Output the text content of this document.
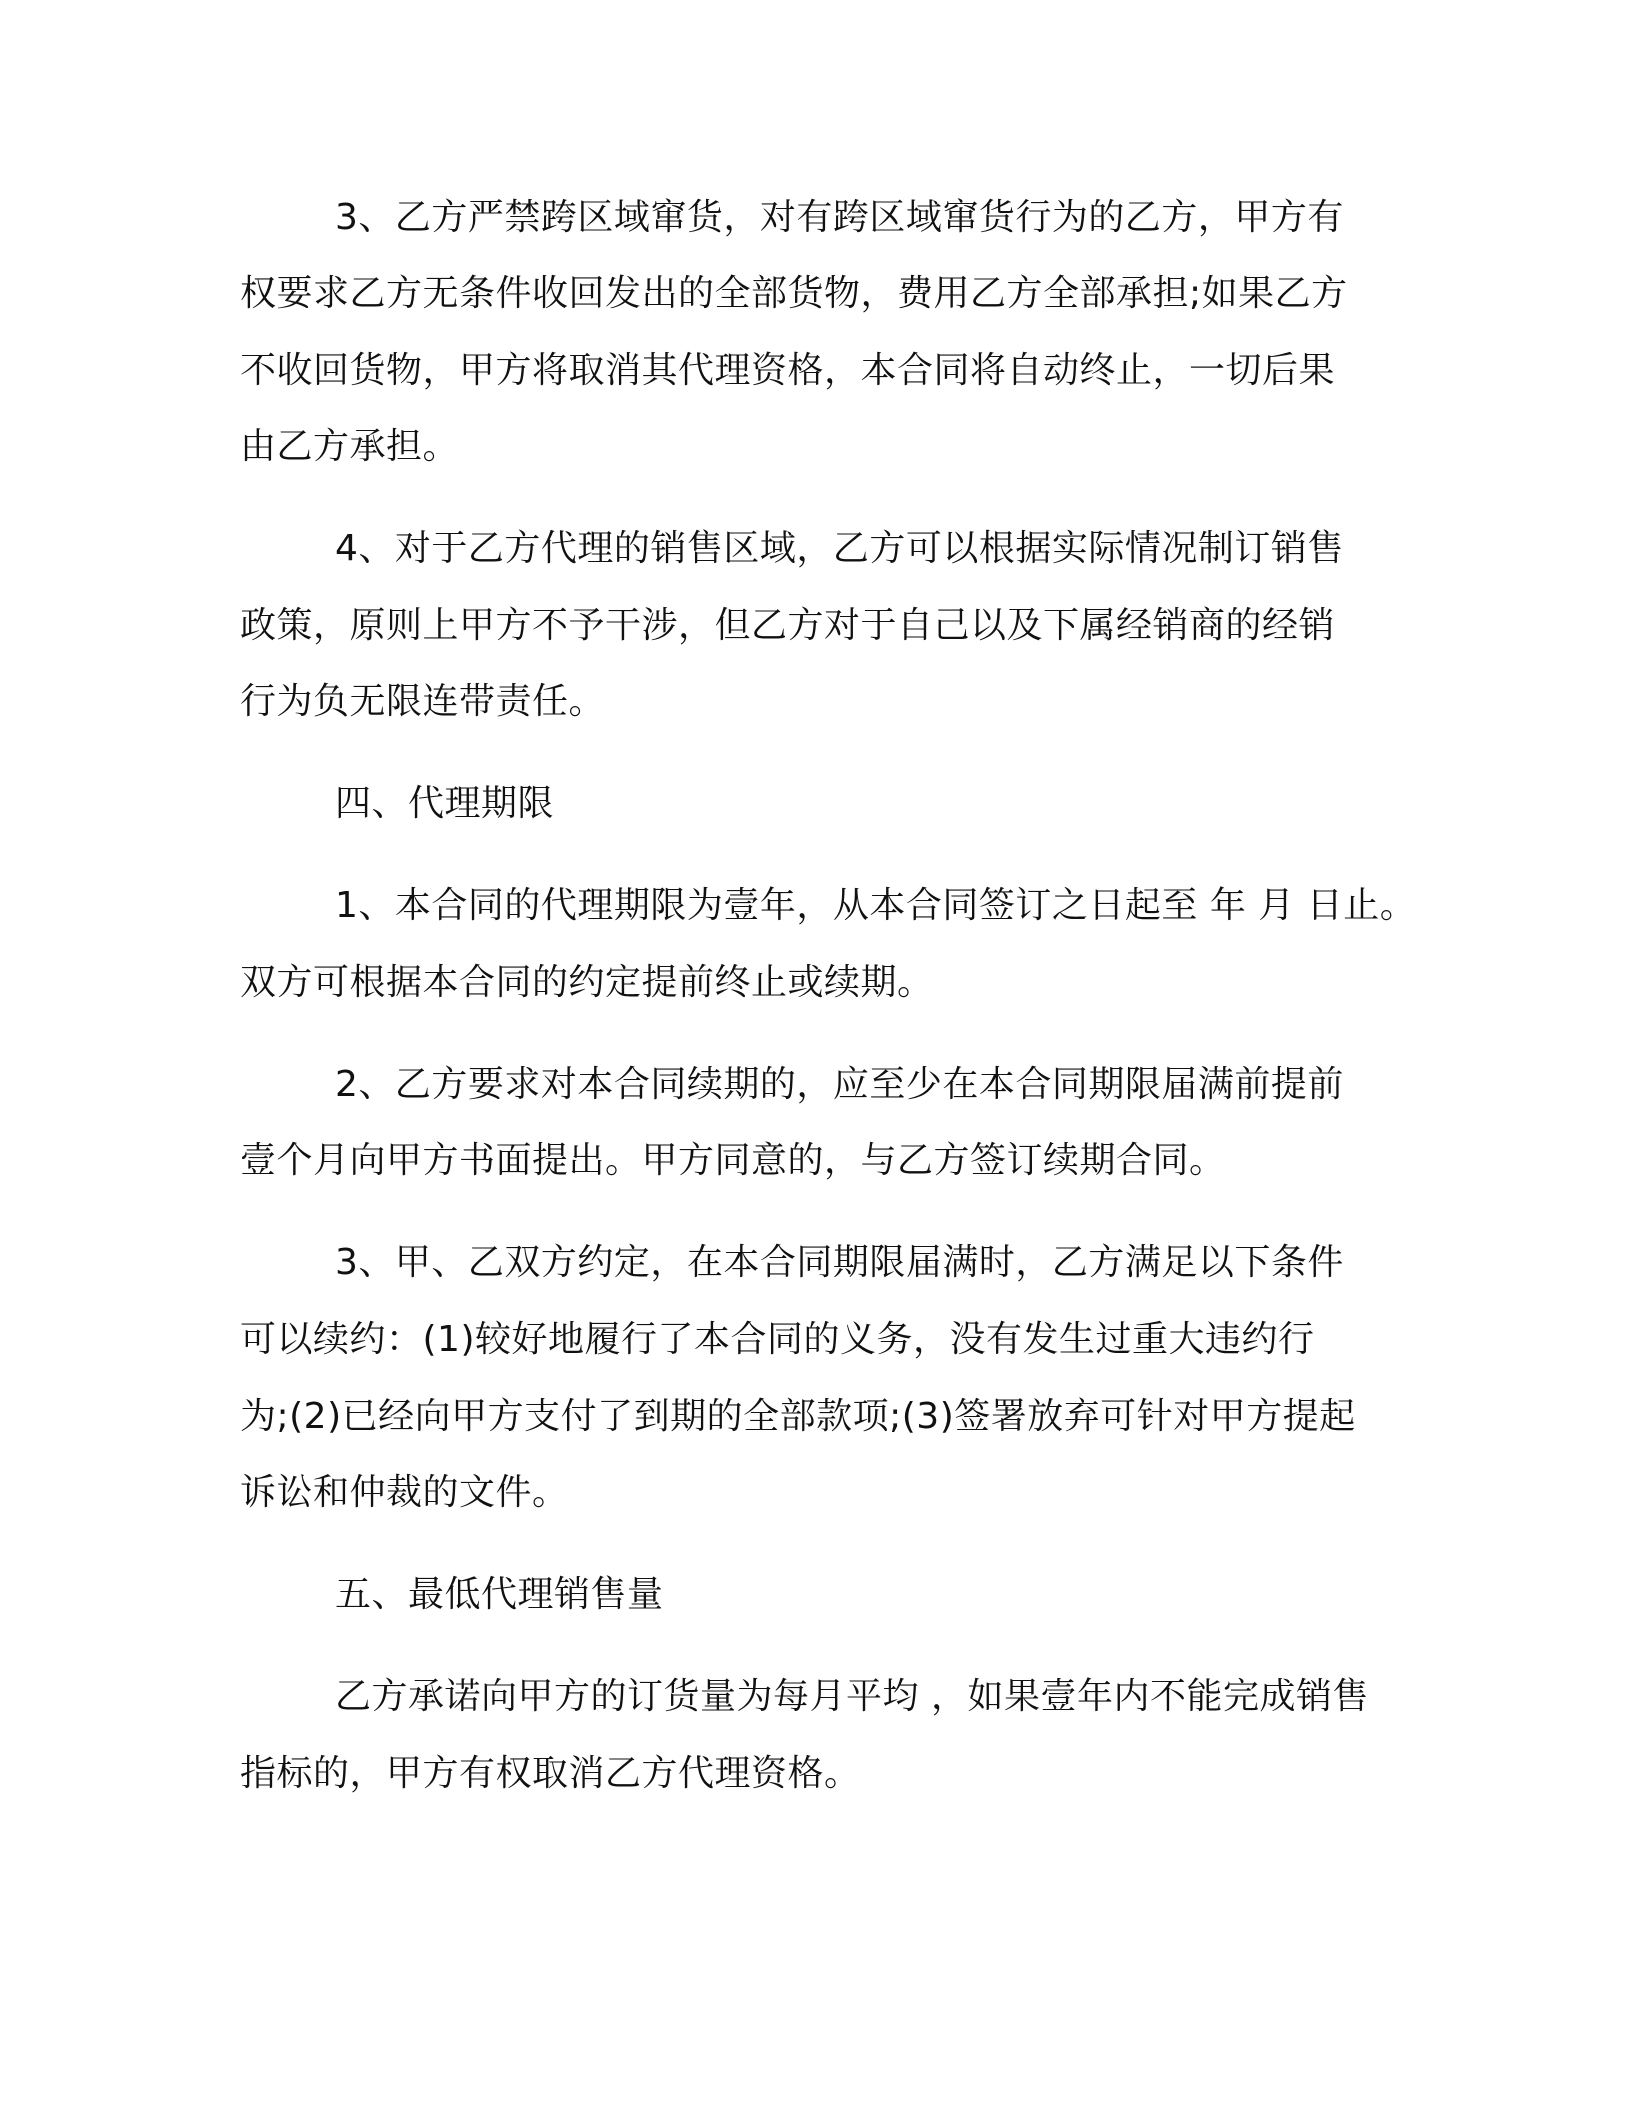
3、乙方严禁跨区域窜货，对有跨区域窜货行为的乙方，甲方有
权要求乙方无条件收回发出的全部货物，费用乙方全部承担;如果乙方
不收回货物，甲方将取消其代理资格，本合同将自动终止，一切后果
由乙方承担。
4、对于乙方代理的销售区域，乙方可以根据实际情况制订销售
政策，原则上甲方不予干涉，但乙方对于自己以及下属经销商的经销
行为负无限连带责任。
四、代理期限
1、本合同的代理期限为壹年，从本合同签订之日起至 年 月 日止。
双方可根据本合同的约定提前终止或续期。
2、乙方要求对本合同续期的，应至少在本合同期限届满前提前
壹个月向甲方书面提出。甲方同意的，与乙方签订续期合同。
3、甲、乙双方约定，在本合同期限届满时，乙方满足以下条件
可以续约：(1)较好地履行了本合同的义务，没有发生过重大违约行
为;(2)已经向甲方支付了到期的全部款项;(3)签署放弃可针对甲方提起
诉讼和仲裁的文件。
五、最低代理销售量
乙方承诺向甲方的订货量为每月平均 ，如果壹年内不能完成销售
指标的，甲方有权取消乙方代理资格。
